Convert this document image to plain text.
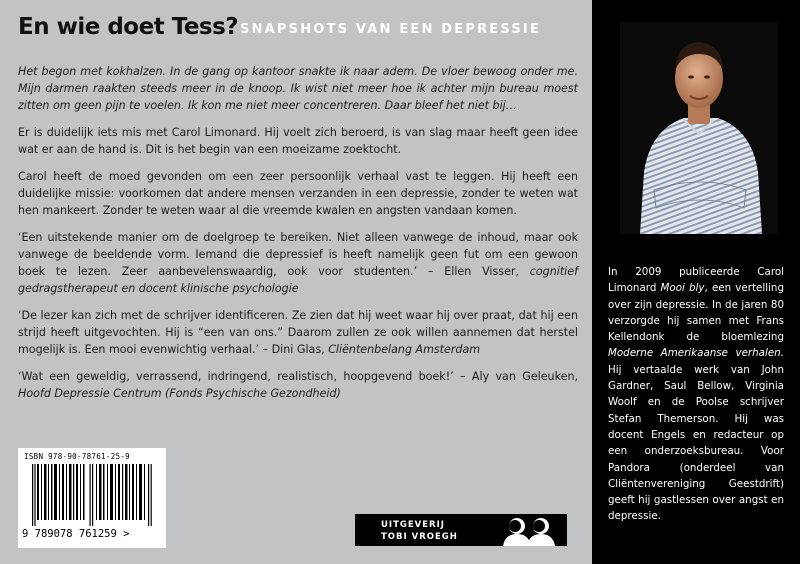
En wie doet Tess? SNAPSHOTS VAN EEN DEPRESSIE

Het begon met kokhalzen. In de gang op kantoor snakte ik naar adem. De vloer bewoog onder me. Mijn darmen raakten steeds meer in de knoop. Ik wist niet meer hoe ik achter mijn bureau moest zitten om geen pijn te voelen. Ik kon me niet meer concentreren. Daar bleef het niet bij…

Er is duidelijk iets mis met Carol Limonard. Hij voelt zich beroerd, is van slag maar heeft geen idee wat er aan de hand is. Dit is het begin van een moeizame zoektocht.

Carol heeft de moed gevonden om een zeer persoonlijk verhaal vast te leggen. Hij heeft een duidelijke missie: voorkomen dat andere mensen verzanden in een depressie, zonder te weten wat hen mankeert. Zonder te weten waar al die vreemde kwalen en angsten vandaan komen.

‘Een uitstekende manier om de doelgroep te bereiken. Niet alleen vanwege de inhoud, maar ook vanwege de beeldende vorm. Iemand die depressief is heeft namelijk geen fut om een gewoon boek te lezen. Zeer aanbevelenswaardig, ook voor studenten.’ – Ellen Visser, cognitief gedragstherapeut en docent klinische psychologie

‘De lezer kan zich met de schrijver identificeren. Ze zien dat hij weet waar hij over praat, dat hij een strijd heeft uitgevochten. Hij is “een van ons.” Daarom zullen ze ook willen aannemen dat herstel mogelijk is. Een mooi evenwichtig verhaal.’ – Dini Glas, Cliëntenbelang Amsterdam

‘Wat een geweldig, verrassend, indringend, realistisch, hoopgevend boek!’ – Aly van Geleuken, Hoofd Depressie Centrum (Fonds Psychische Gezondheid)

ISBN 978-90-78761-25-9
9 789078 761259 >
UITGEVERIJ
TOBI VROEGH

In 2009 publiceerde Carol Limonard Mooi bly, een vertelling over zijn depressie. In de jaren 80 verzorgde hij samen met Frans Kellendonk de bloemlezing Moderne Amerikaanse verhalen. Hij vertaalde werk van John Gardner, Saul Bellow, Virginia Woolf en de Poolse schrijver Stefan Themerson. Hij was docent Engels en redacteur op een onderzoeksbureau. Voor Pandora (onderdeel van Cliëntenvereniging Geestdrift) geeft hij gastlessen over angst en depressie.
